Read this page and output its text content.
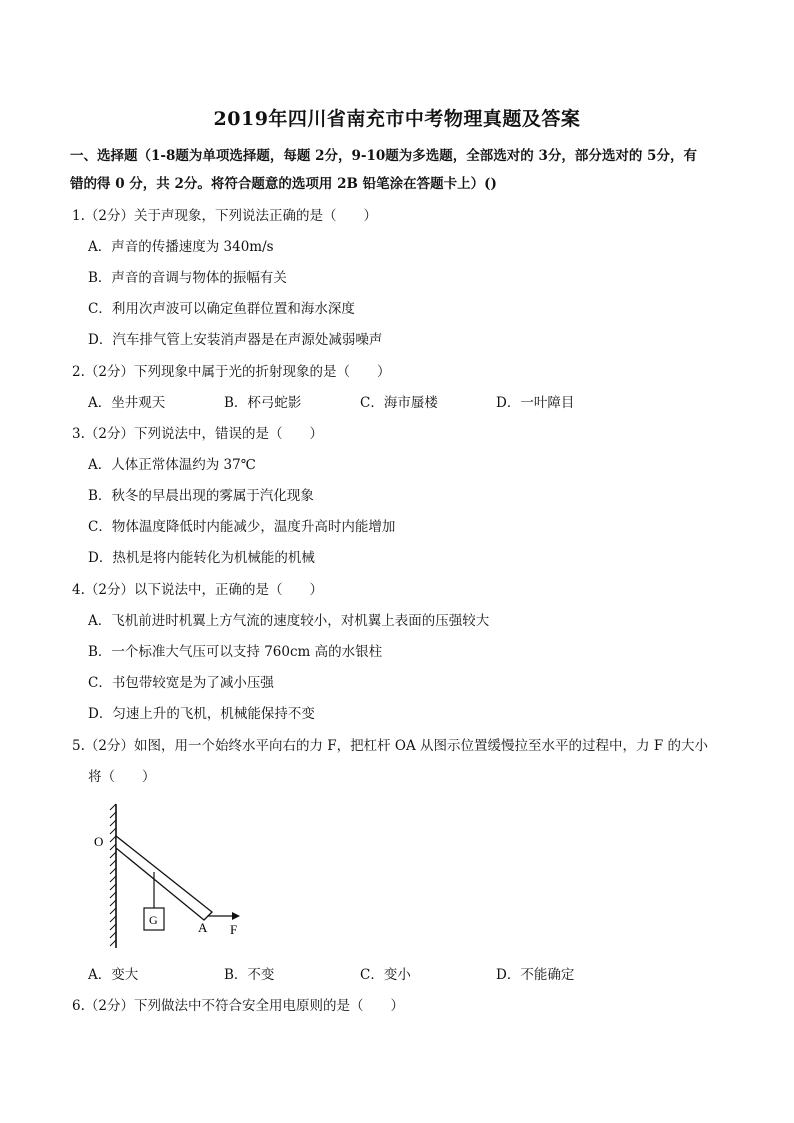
2019年四川省南充市中考物理真题及答案
一、选择题（1-8题为单项选择题，每题 2分，9-10题为多选题，全部选对的 3分，部分选对的 5分，有
错的得 0 分，共 2分。将符合题意的选项用 2B 铅笔涂在答题卡上）()
1.（2分）关于声现象，下列说法正确的是（　　）
A．声音的传播速度为 340m/s
B．声音的音调与物体的振幅有关
C．利用次声波可以确定鱼群位置和海水深度
D．汽车排气管上安装消声器是在声源处减弱噪声
2.（2分）下列现象中属于光的折射现象的是（　　）
A．坐井观天	B．杯弓蛇影	C．海市蜃楼	D．一叶障目
3.（2分）下列说法中，错误的是（　　）
A．人体正常体温约为 37℃
B．秋冬的早晨出现的雾属于汽化现象
C．物体温度降低时内能减少，温度升高时内能增加
D．热机是将内能转化为机械能的机械
4.（2分）以下说法中，正确的是（　　）
A．飞机前进时机翼上方气流的速度较小，对机翼上表面的压强较大
B．一个标准大气压可以支持 760cm 高的水银柱
C．书包带较宽是为了减小压强
D．匀速上升的飞机，机械能保持不变
5.（2分）如图，用一个始终水平向右的力 F，把杠杆 OA 从图示位置缓慢拉至水平的过程中，力 F 的大小
将（　　）
O
G	A F
A．变大	B．不变	C．变小	D．不能确定
6.（2分）下列做法中不符合安全用电原则的是（　　）
